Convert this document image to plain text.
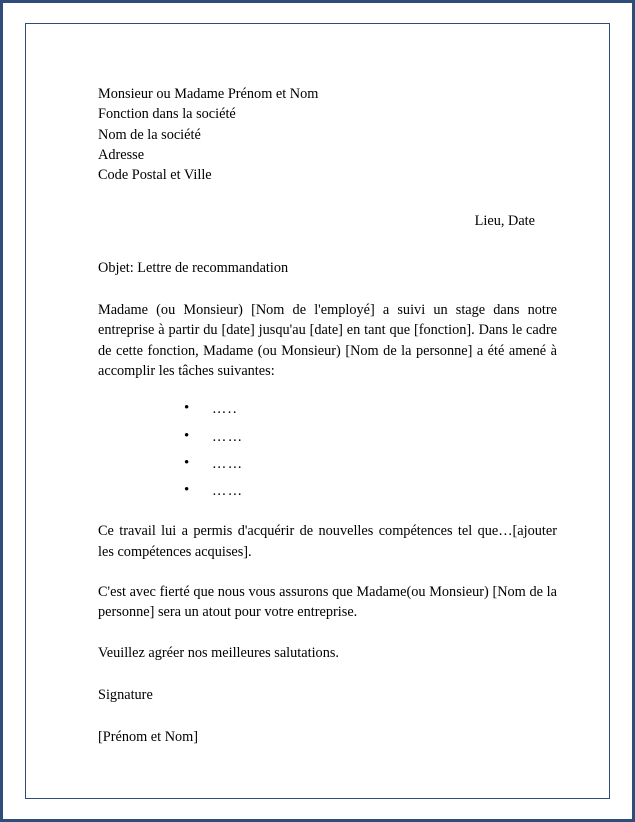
Monsieur ou Madame Prénom et Nom
Fonction dans la société
Nom de la société
Adresse
Code Postal et Ville
Lieu, Date
Objet: Lettre de recommandation
Madame (ou Monsieur) [Nom de l'employé] a suivi un stage dans notre entreprise à partir du [date] jusqu'au [date] en tant que [fonction]. Dans le cadre de cette fonction, Madame (ou Monsieur) [Nom de la personne] a été amené à accomplir les tâches suivantes:
• …..
• ……
• ……
• ……
Ce travail lui a permis d'acquérir de nouvelles compétences tel que…[ajouter les compétences acquises].
C'est avec fierté que nous vous assurons que Madame(ou Monsieur) [Nom de la personne] sera un atout pour votre entreprise.
Veuillez agréer nos meilleures salutations.
Signature
[Prénom et Nom]
